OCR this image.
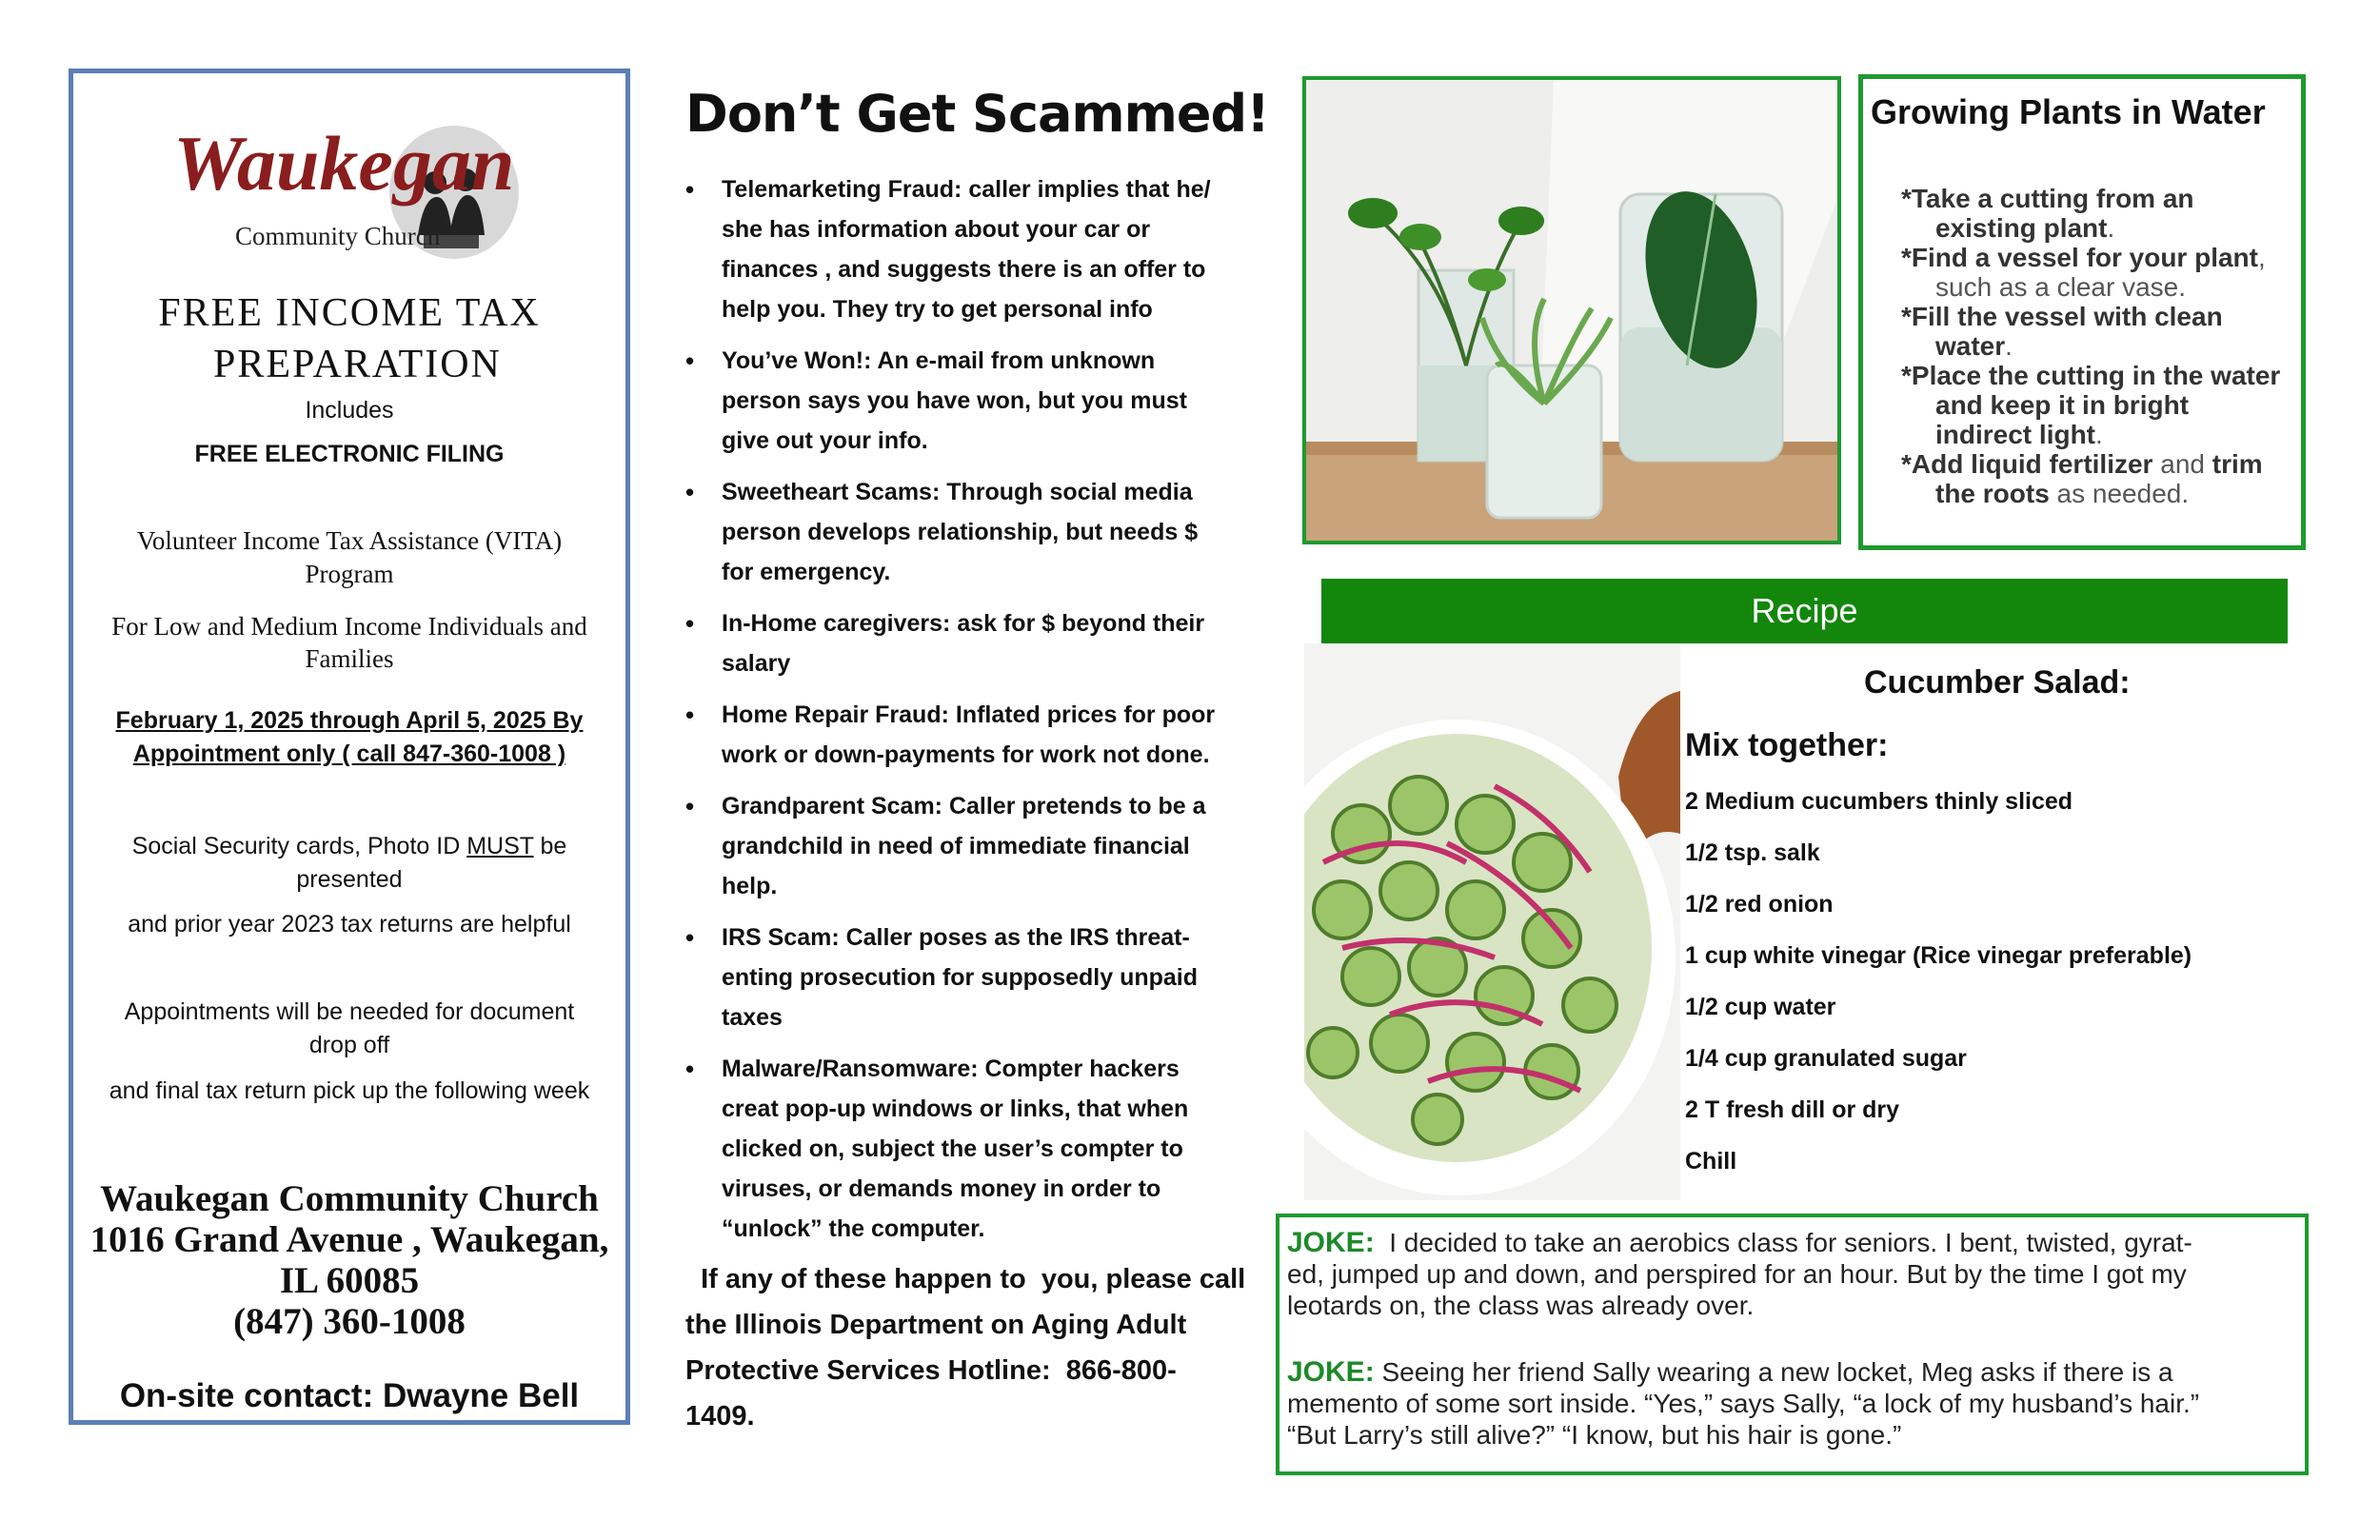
Waukegan
Community Church
FREE INCOME TAX
PREPARATION
Includes
FREE ELECTRONIC FILING
Volunteer Income Tax Assistance (VITA)
Program
For Low and Medium Income Individuals and
Families
February 1, 2025 through April 5, 2025 By
Appointment only ( call 847-360-1008 )
Social Security cards, Photo ID MUST be
presented
and prior year 2023 tax returns are helpful
Appointments will be needed for document
drop off
and final tax return pick up the following week
Waukegan Community Church
1016 Grand Avenue , Waukegan,
IL 60085
(847) 360-1008
On-site contact: Dwayne Bell
Don’t Get Scammed!
• Telemarketing Fraud: caller implies that he/
she has information about your car or
finances , and suggests there is an offer to
help you. They try to get personal info
• You’ve Won!: An e-mail from unknown
person says you have won, but you must
give out your info.
• Sweetheart Scams: Through social media
person develops relationship, but needs $
for emergency.
• In-Home caregivers: ask for $ beyond their
salary
• Home Repair Fraud: Inflated prices for poor
work or down-payments for work not done.
• Grandparent Scam: Caller pretends to be a
grandchild in need of immediate financial
help.
• IRS Scam: Caller poses as the IRS threat-
enting prosecution for supposedly unpaid
taxes
• Malware/Ransomware: Compter hackers
creat pop-up windows or links, that when
clicked on, subject the user’s compter to
viruses, or demands money in order to
“unlock” the computer.
If any of these happen to  you, please call
the Illinois Department on Aging Adult
Protective Services Hotline:  866-800-
1409.
Growing Plants in Water
*Take a cutting from an
existing plant.
*Find a vessel for your plant,
such as a clear vase.
*Fill the vessel with clean
water.
*Place the cutting in the water
and keep it in bright
indirect light.
*Add liquid fertilizer and trim
the roots as needed.
Recipe
Cucumber Salad:
Mix together:
2 Medium cucumbers thinly sliced
1/2 tsp. salk
1/2 red onion
1 cup white vinegar (Rice vinegar preferable)
1/2 cup water
1/4 cup granulated sugar
2 T fresh dill or dry
Chill
JOKE:  I decided to take an aerobics class for seniors. I bent, twisted, gyrat-
ed, jumped up and down, and perspired for an hour. But by the time I got my
leotards on, the class was already over.
JOKE: Seeing her friend Sally wearing a new locket, Meg asks if there is a
memento of some sort inside. “Yes,” says Sally, “a lock of my husband’s hair.”
“But Larry’s still alive?” “I know, but his hair is gone.”
